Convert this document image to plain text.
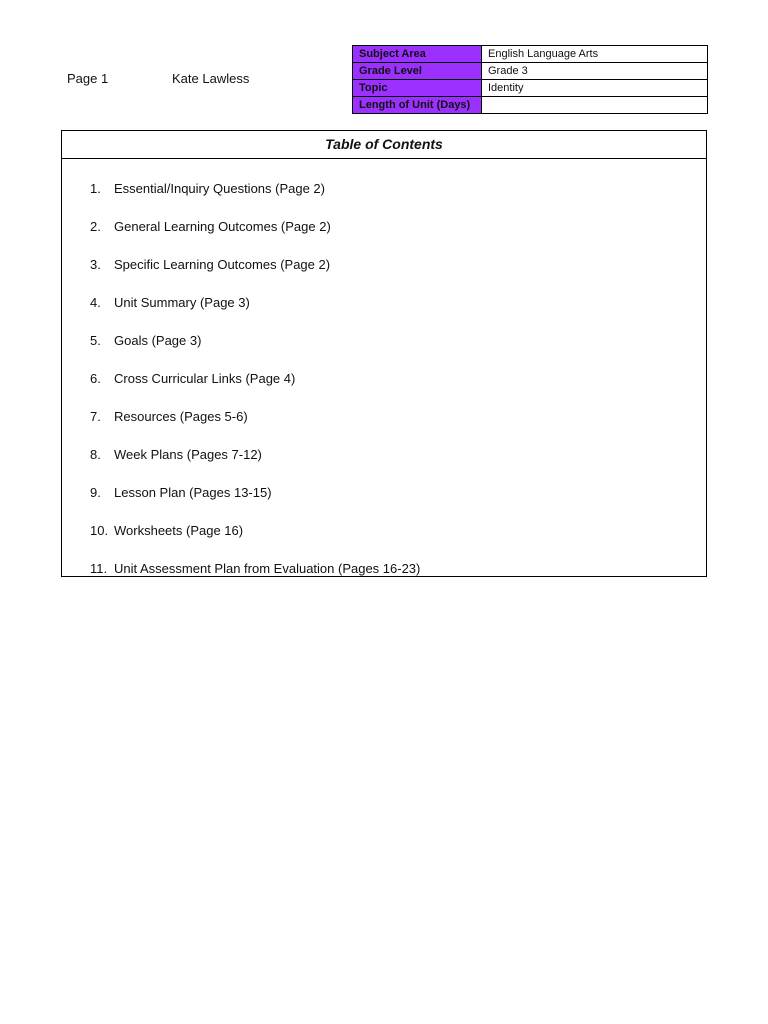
Page 1	Kate Lawless
Subject Area	English Language Arts
Grade Level	Grade 3
Topic	Identity
Length of Unit (Days)	
Table of Contents
1.	Essential/Inquiry Questions (Page 2)
2.	General Learning Outcomes (Page 2)
3.	Specific Learning Outcomes (Page 2)
4.	Unit Summary (Page 3)
5.	Goals (Page 3)
6.	Cross Curricular Links (Page 4)
7.	Resources (Pages 5-6)
8.	Week Plans (Pages 7-12)
9.	Lesson Plan (Pages 13-15)
10. Worksheets (Page 16)
11. Unit Assessment Plan from Evaluation (Pages 16-23)
